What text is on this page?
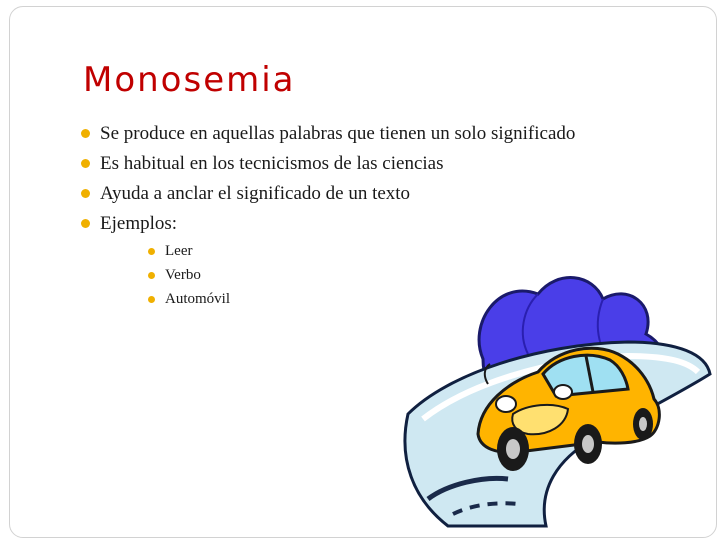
Monosemia
Se produce en aquellas palabras que tienen un solo significado
Es habitual en los tecnicismos de las ciencias
Ayuda a anclar el significado de un texto
Ejemplos:
Leer
Verbo
Automóvil
